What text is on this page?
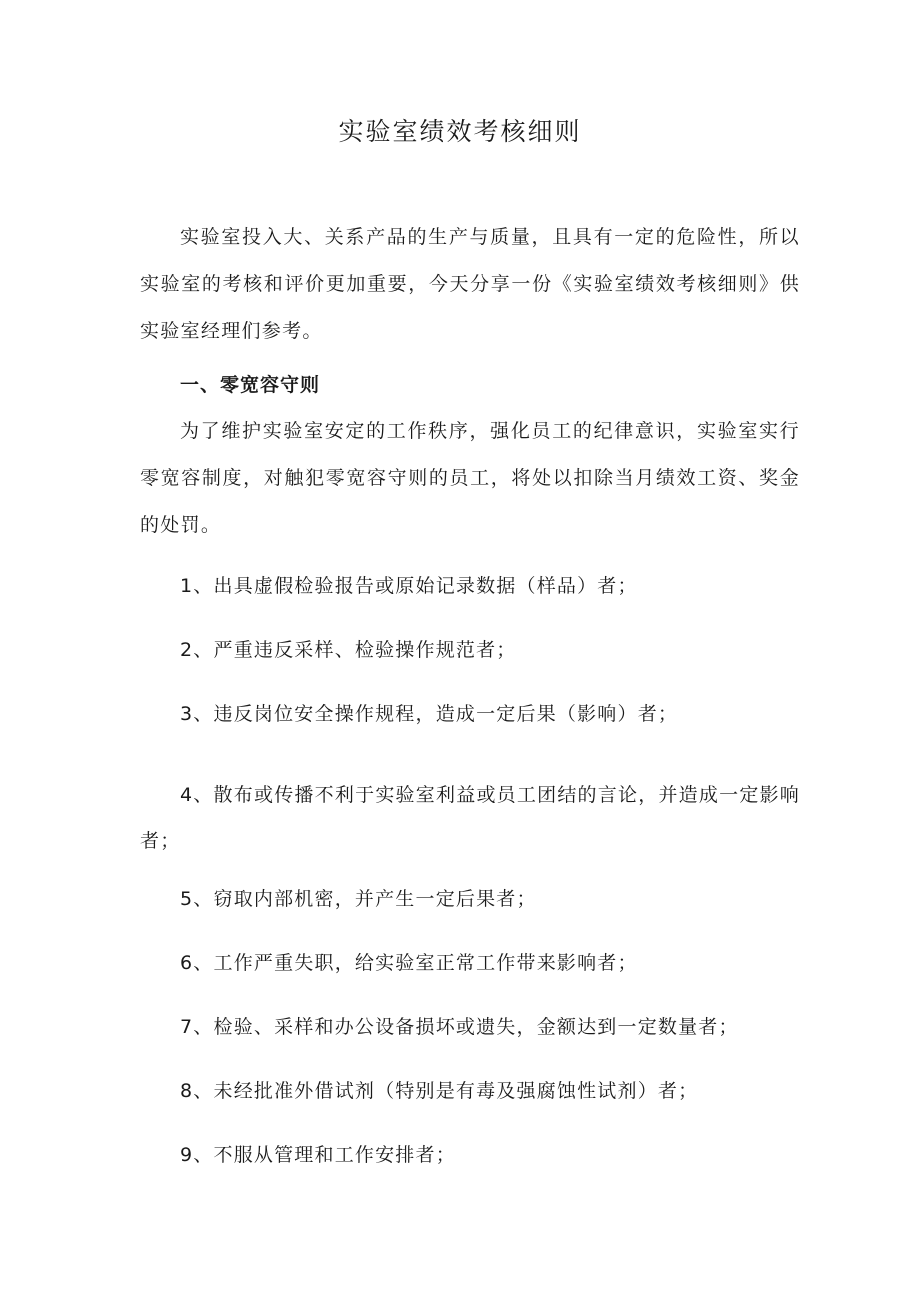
实验室绩效考核细则

实验室投入大、关系产品的生产与质量，且具有一定的危险性，所以实验室的考核和评价更加重要，今天分享一份《实验室绩效考核细则》供实验室经理们参考。

一、零宽容守则

为了维护实验室安定的工作秩序，强化员工的纪律意识，实验室实行零宽容制度，对触犯零宽容守则的员工，将处以扣除当月绩效工资、奖金的处罚。

1、出具虚假检验报告或原始记录数据（样品）者；

2、严重违反采样、检验操作规范者；

3、违反岗位安全操作规程，造成一定后果（影响）者；

4、散布或传播不利于实验室利益或员工团结的言论，并造成一定影响者；

5、窃取内部机密，并产生一定后果者；

6、工作严重失职，给实验室正常工作带来影响者；

7、检验、采样和办公设备损坏或遗失，金额达到一定数量者；

8、未经批准外借试剂（特别是有毒及强腐蚀性试剂）者；

9、不服从管理和工作安排者；
